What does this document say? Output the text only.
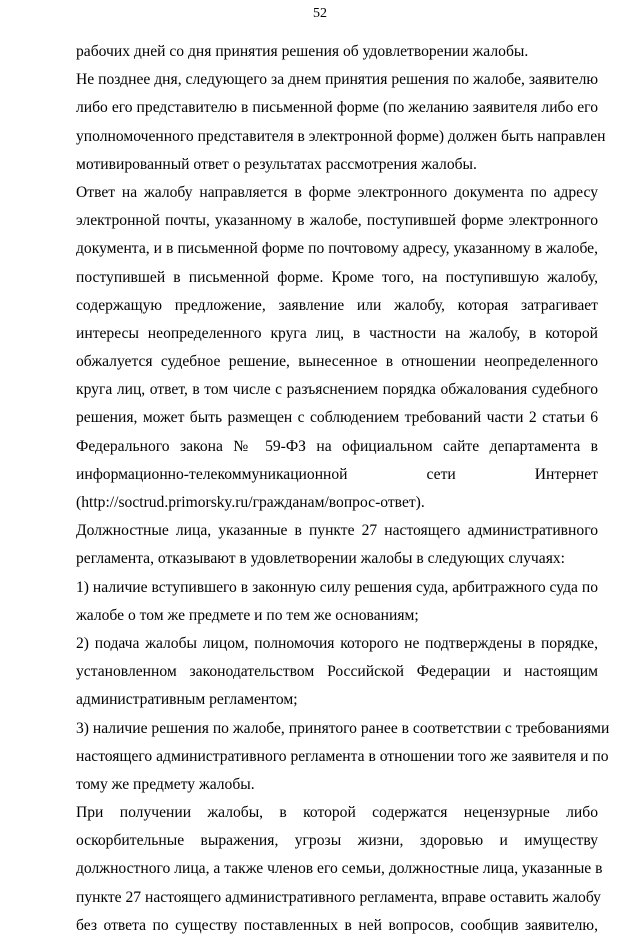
52
рабочих дней со дня принятия решения об удовлетворении жалобы.
Не позднее дня, следующего за днем принятия решения по жалобе, заявителю
либо его представителю в письменной форме (по желанию заявителя либо его
уполномоченного представителя в электронной форме) должен быть направлен
мотивированный ответ о результатах рассмотрения жалобы.
Ответ на жалобу направляется в форме электронного документа по адресу
электронной почты, указанному в жалобе, поступившей форме электронного
документа, и в письменной форме по почтовому адресу, указанному в жалобе,
поступившей в письменной форме. Кроме того, на поступившую жалобу,
содержащую предложение, заявление или жалобу, которая затрагивает
интересы неопределенного круга лиц, в частности на жалобу, в которой
обжалуется судебное решение, вынесенное в отношении неопределенного
круга лиц, ответ, в том числе с разъяснением порядка обжалования судебного
решения, может быть размещен с соблюдением требований части 2 статьи 6
Федерального закона № 59-ФЗ на официальном сайте департамента в
информационно-телекоммуникационной сети Интернет
(http://soctrud.primorsky.ru/гражданам/вопрос-ответ).
Должностные лица, указанные в пункте 27 настоящего административного
регламента, отказывают в удовлетворении жалобы в следующих случаях:
1) наличие вступившего в законную силу решения суда, арбитражного суда по
жалобе о том же предмете и по тем же основаниям;
2) подача жалобы лицом, полномочия которого не подтверждены в порядке,
установленном законодательством Российской Федерации и настоящим
административным регламентом;
3) наличие решения по жалобе, принятого ранее в соответствии с требованиями
настоящего административного регламента в отношении того же заявителя и по
тому же предмету жалобы.
При получении жалобы, в которой содержатся нецензурные либо
оскорбительные выражения, угрозы жизни, здоровью и имуществу
должностного лица, а также членов его семьи, должностные лица, указанные в
пункте 27 настоящего административного регламента, вправе оставить жалобу
без ответа по существу поставленных в ней вопросов, сообщив заявителю,
